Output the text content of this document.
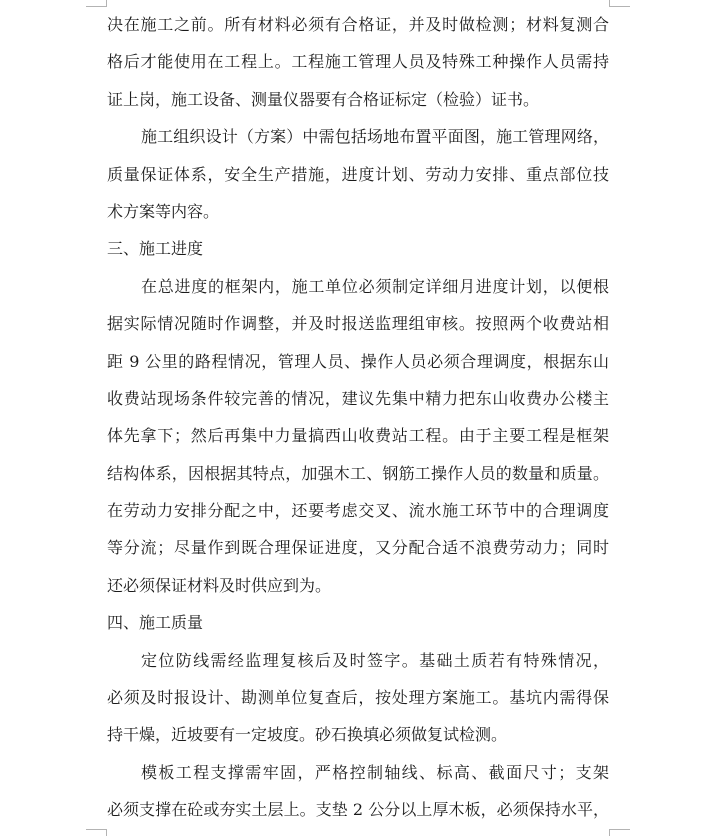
决在施工之前。所有材料必须有合格证，并及时做检测；材料复测合
格后才能使用在工程上。工程施工管理人员及特殊工种操作人员需持
证上岗，施工设备、测量仪器要有合格证标定（检验）证书。
施工组织设计（方案）中需包括场地布置平面图，施工管理网络，
质量保证体系，安全生产措施，进度计划、劳动力安排、重点部位技
术方案等内容。
三、施工进度
在总进度的框架内，施工单位必须制定详细月进度计划，以便根
据实际情况随时作调整，并及时报送监理组审核。按照两个收费站相
距 9 公里的路程情况，管理人员、操作人员必须合理调度，根据东山
收费站现场条件较完善的情况，建议先集中精力把东山收费办公楼主
体先拿下；然后再集中力量搞西山收费站工程。由于主要工程是框架
结构体系，因根据其特点，加强木工、钢筋工操作人员的数量和质量。
在劳动力安排分配之中，还要考虑交叉、流水施工环节中的合理调度
等分流；尽量作到既合理保证进度，又分配合适不浪费劳动力；同时
还必须保证材料及时供应到为。
四、施工质量
定位防线需经监理复核后及时签字。基础土质若有特殊情况，
必须及时报设计、勘测单位复查后，按处理方案施工。基坑内需得保
持干燥，近坡要有一定坡度。砂石换填必须做复试检测。
模板工程支撑需牢固，严格控制轴线、标高、截面尺寸；支架
必须支撑在砼或夯实土层上。支垫 2 公分以上厚木板，必须保持水平，
